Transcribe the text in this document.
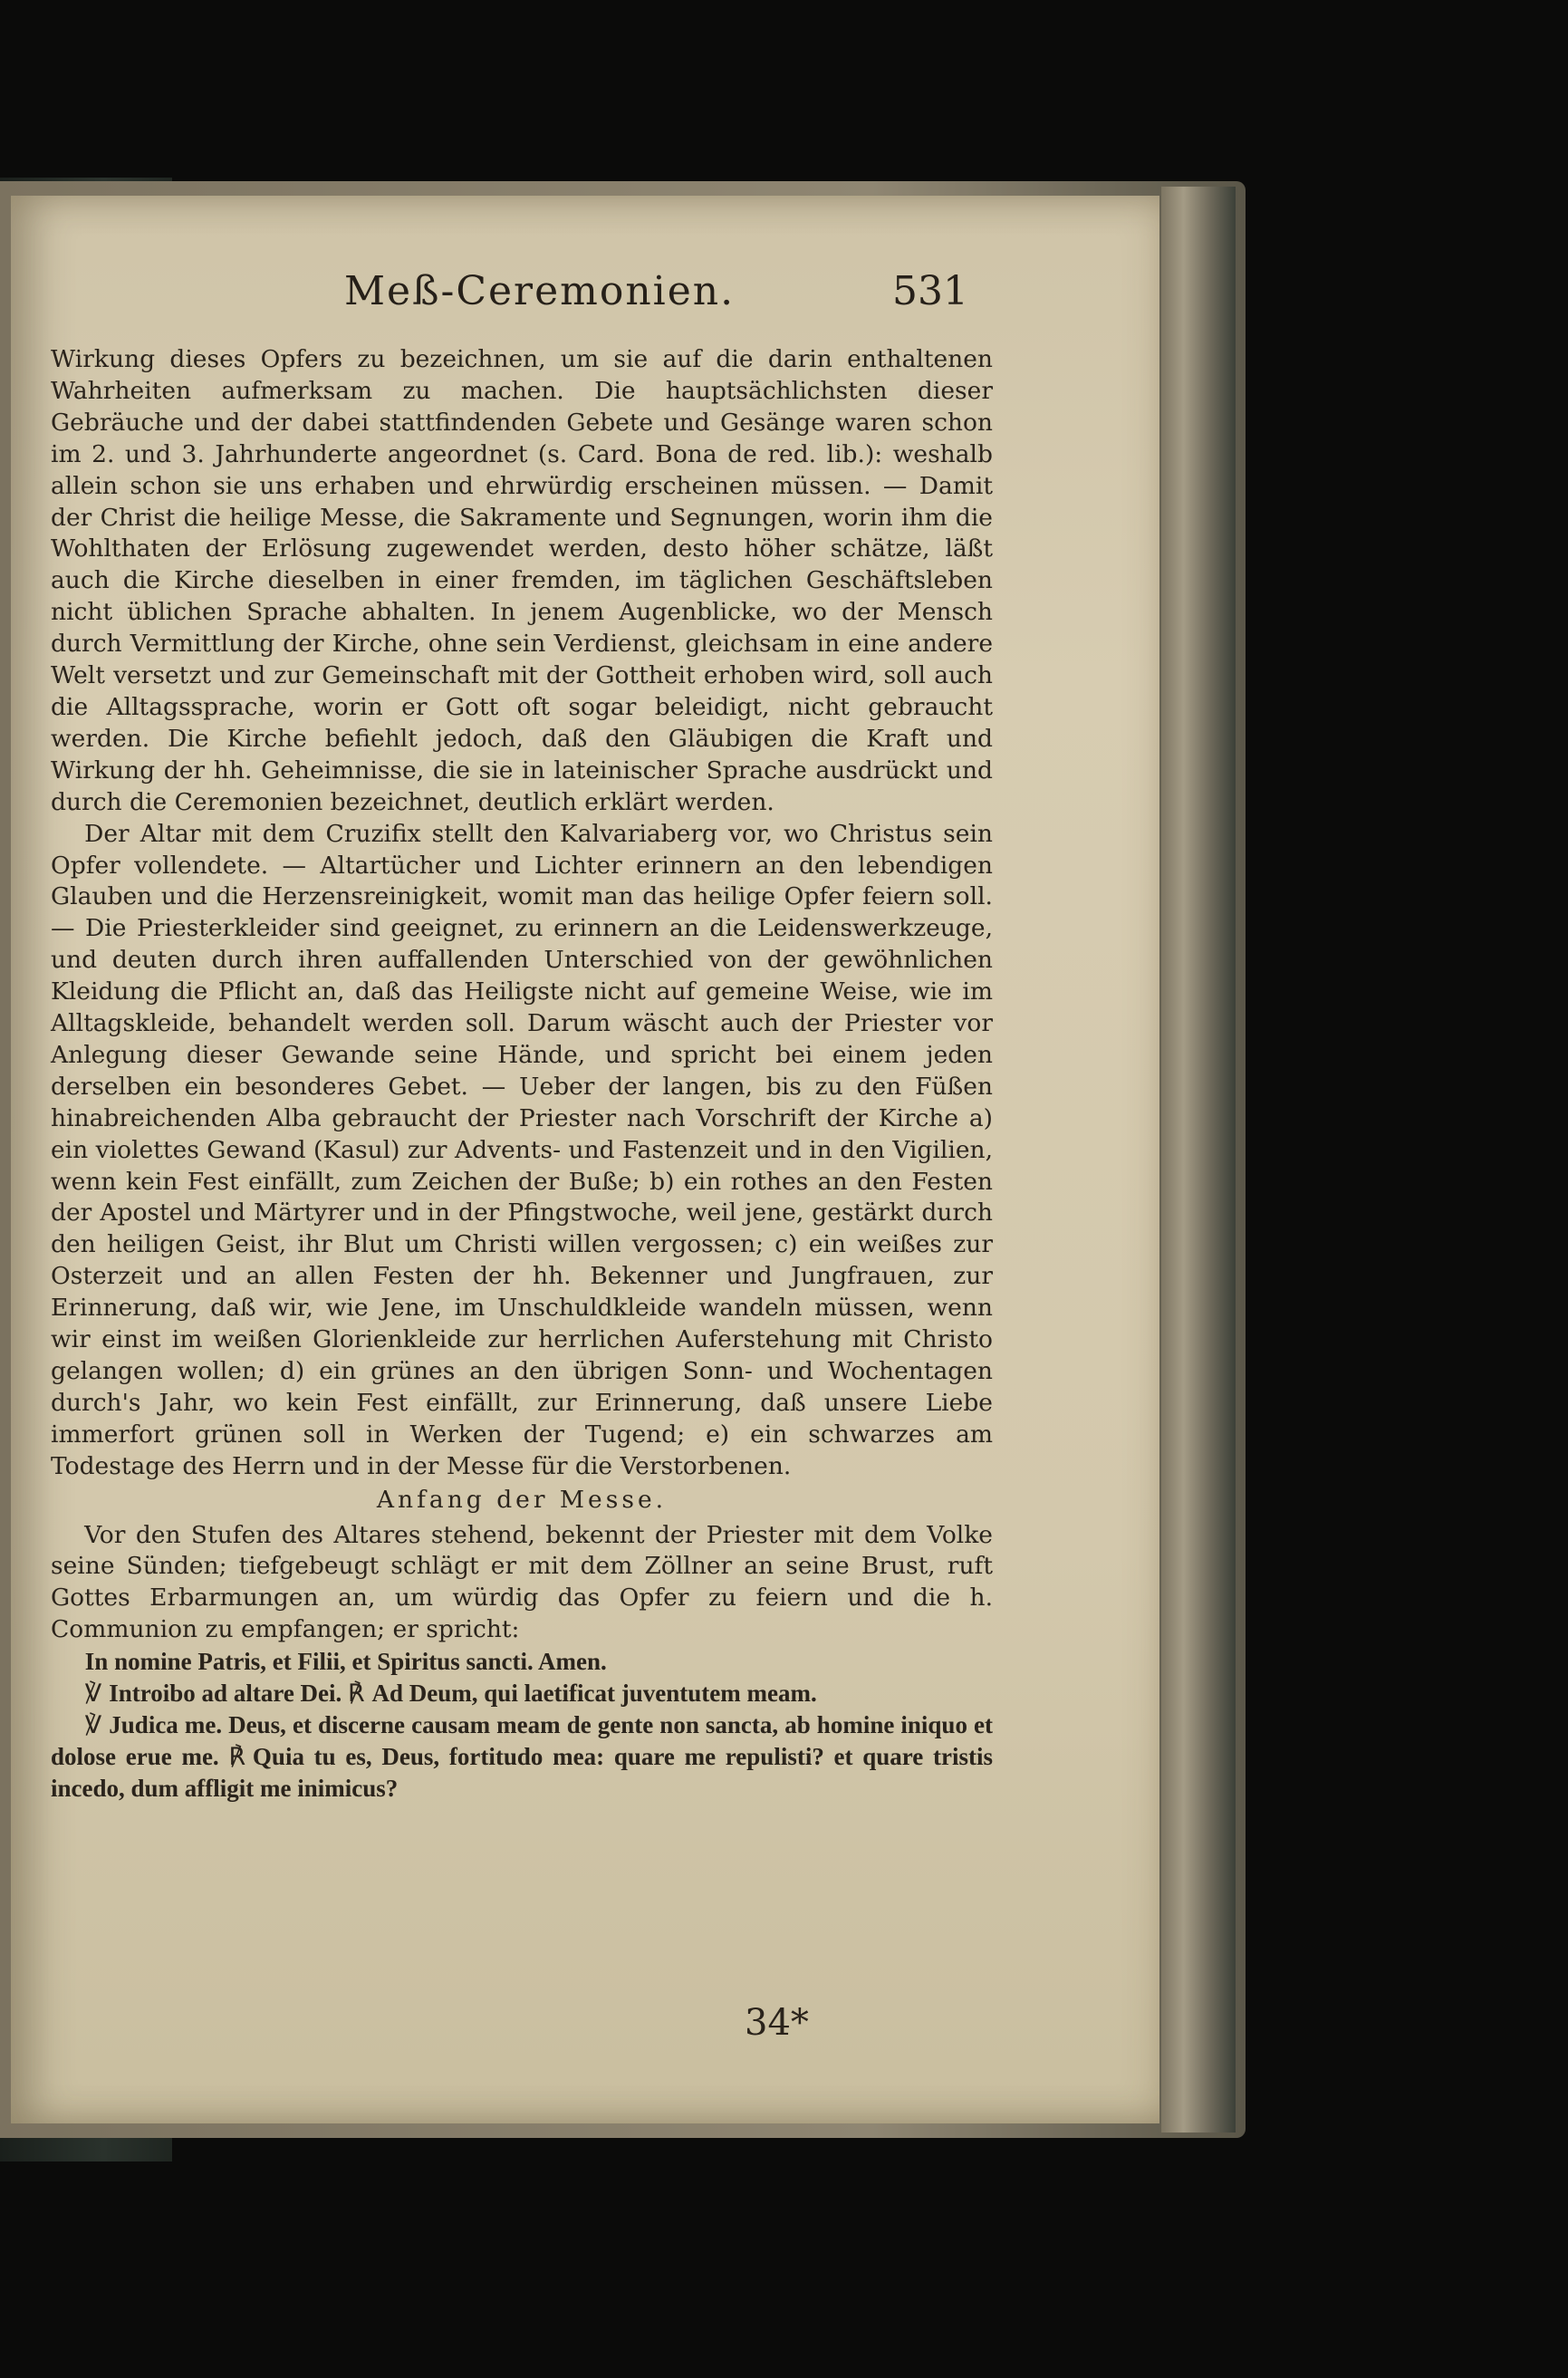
Meß-Ceremonien.	531

Wirkung dieses Opfers zu bezeichnen, um sie auf die darin enthaltenen Wahrheiten aufmerksam zu machen. Die hauptsächlichsten dieser Gebräuche und der dabei stattfindenden Gebete und Gesänge waren schon im 2. und 3. Jahrhunderte angeordnet (s. Card. Bona de red. lib.): weshalb allein schon sie uns erhaben und ehrwürdig erscheinen müssen. — Damit der Christ die heilige Messe, die Sakramente und Segnungen, worin ihm die Wohlthaten der Erlösung zugewendet werden, desto höher schätze, läßt auch die Kirche dieselben in einer fremden, im täglichen Geschäftsleben nicht üblichen Sprache abhalten. In jenem Augenblicke, wo der Mensch durch Vermittlung der Kirche, ohne sein Verdienst, gleichsam in eine andere Welt versetzt und zur Gemeinschaft mit der Gottheit erhoben wird, soll auch die Alltagssprache, worin er Gott oft sogar beleidigt, nicht gebraucht werden. Die Kirche befiehlt jedoch, daß den Gläubigen die Kraft und Wirkung der hh. Geheimnisse, die sie in lateinischer Sprache ausdrückt und durch die Ceremonien bezeichnet, deutlich erklärt werden.

Der Altar mit dem Cruzifix stellt den Kalvariaberg vor, wo Christus sein Opfer vollendete. — Altartücher und Lichter erinnern an den lebendigen Glauben und die Herzensreinigkeit, womit man das heilige Opfer feiern soll. — Die Priesterkleider sind geeignet, zu erinnern an die Leidenswerkzeuge, und deuten durch ihren auffallenden Unterschied von der gewöhnlichen Kleidung die Pflicht an, daß das Heiligste nicht auf gemeine Weise, wie im Alltagskleide, behandelt werden soll. Darum wäscht auch der Priester vor Anlegung dieser Gewande seine Hände, und spricht bei einem jeden derselben ein besonderes Gebet. — Ueber der langen, bis zu den Füßen hinabreichenden Alba gebraucht der Priester nach Vorschrift der Kirche a) ein violettes Gewand (Kasul) zur Advents- und Fastenzeit und in den Vigilien, wenn kein Fest einfällt, zum Zeichen der Buße; b) ein rothes an den Festen der Apostel und Märtyrer und in der Pfingstwoche, weil jene, gestärkt durch den heiligen Geist, ihr Blut um Christi willen vergossen; c) ein weißes zur Osterzeit und an allen Festen der hh. Bekenner und Jungfrauen, zur Erinnerung, daß wir, wie Jene, im Unschuldkleide wandeln müssen, wenn wir einst im weißen Glorienkleide zur herrlichen Auferstehung mit Christo gelangen wollen; d) ein grünes an den übrigen Sonn- und Wochentagen durch's Jahr, wo kein Fest einfällt, zur Erinnerung, daß unsere Liebe immerfort grünen soll in Werken der Tugend; e) ein schwarzes am Todestage des Herrn und in der Messe für die Verstorbenen.

Anfang der Messe.

Vor den Stufen des Altares stehend, bekennt der Priester mit dem Volke seine Sünden; tiefgebeugt schlägt er mit dem Zöllner an seine Brust, ruft Gottes Erbarmungen an, um würdig das Opfer zu feiern und die h. Communion zu empfangen; er spricht:

In nomine Patris, et Filii, et Spiritus sancti. Amen.

℣ Introibo ad altare Dei. ℟ Ad Deum, qui laetificat juventutem meam.

℣ Judica me. Deus, et discerne causam meam de gente non sancta, ab homine iniquo et dolose erue me. ℟ Quia tu es, Deus, fortitudo mea: quare me repulisti? et quare tristis incedo, dum affligit me inimicus?

34*
